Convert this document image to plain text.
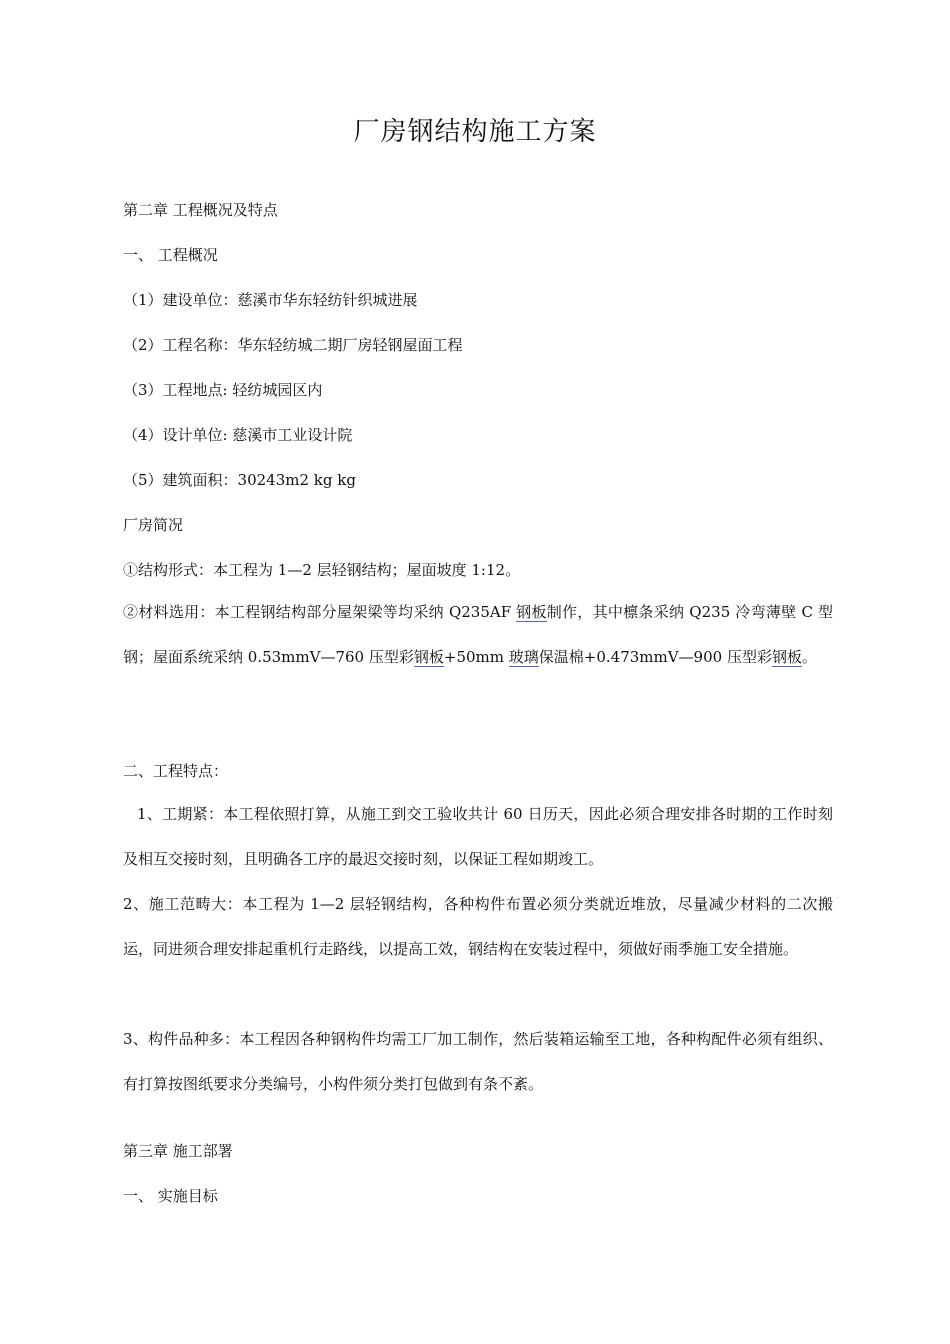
厂房钢结构施工方案
第二章 工程概况及特点
一、 工程概况
（1）建设单位：慈溪市华东轻纺针织城进展
（2）工程名称：华东轻纺城二期厂房轻钢屋面工程
（3）工程地点: 轻纺城园区内
（4）设计单位: 慈溪市工业设计院
（5）建筑面积：30243m2 kg kg
厂房简况
①结构形式：本工程为 1—2 层轻钢结构；屋面坡度 1:12。
②材料选用：本工程钢结构部分屋架梁等均采纳 Q235AF 钢板制作，其中檩条采纳 Q235 冷弯薄壁 C 型钢；屋面系统采纳 0.53mmV—760 压型彩钢板+50mm 玻璃保温棉+0.473mmV—900 压型彩钢板。
二、工程特点：
1、工期紧：本工程依照打算，从施工到交工验收共计 60 日历天，因此必须合理安排各时期的工作时刻及相互交接时刻，且明确各工序的最迟交接时刻，以保证工程如期竣工。
2、施工范畴大：本工程为 1—2 层轻钢结构，各种构件布置必须分类就近堆放，尽量减少材料的二次搬运，同进须合理安排起重机行走路线，以提高工效，钢结构在安装过程中，须做好雨季施工安全措施。
3、构件品种多：本工程因各种钢构件均需工厂加工制作，然后装箱运输至工地，各种构配件必须有组织、有打算按图纸要求分类编号，小构件须分类打包做到有条不紊。
第三章 施工部署
一、 实施目标
